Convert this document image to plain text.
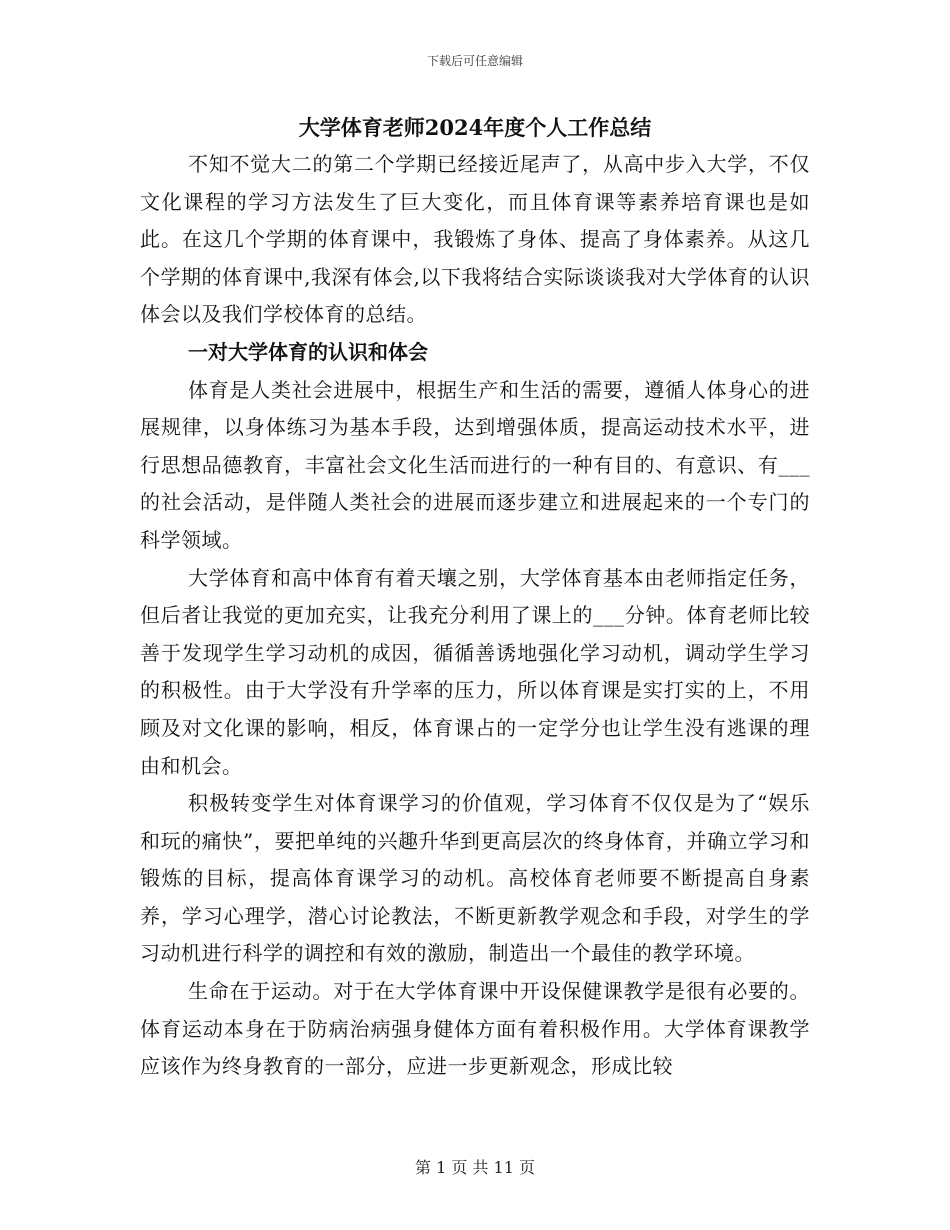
下载后可任意编辑
大学体育老师2024年度个人工作总结

不知不觉大二的第二个学期已经接近尾声了，从高中步入大学，不仅文化课程的学习方法发生了巨大变化，而且体育课等素养培育课也是如此。在这几个学期的体育课中，我锻炼了身体、提高了身体素养。从这几个学期的体育课中,我深有体会,以下我将结合实际谈谈我对大学体育的认识体会以及我们学校体育的总结。

一对大学体育的认识和体会

体育是人类社会进展中，根据生产和生活的需要，遵循人体身心的进展规律，以身体练习为基本手段，达到增强体质，提高运动技术水平，进行思想品德教育，丰富社会文化生活而进行的一种有目的、有意识、有___的社会活动，是伴随人类社会的进展而逐步建立和进展起来的一个专门的科学领域。

大学体育和高中体育有着天壤之别，大学体育基本由老师指定任务，但后者让我觉的更加充实，让我充分利用了课上的___分钟。体育老师比较善于发现学生学习动机的成因，循循善诱地强化学习动机，调动学生学习的积极性。由于大学没有升学率的压力，所以体育课是实打实的上，不用顾及对文化课的影响，相反，体育课占的一定学分也让学生没有逃课的理由和机会。

积极转变学生对体育课学习的价值观，学习体育不仅仅是为了“娱乐和玩的痛快”，要把单纯的兴趣升华到更高层次的终身体育，并确立学习和锻炼的目标，提高体育课学习的动机。高校体育老师要不断提高自身素养，学习心理学，潜心讨论教法，不断更新教学观念和手段，对学生的学习动机进行科学的调控和有效的激励，制造出一个最佳的教学环境。

生命在于运动。对于在大学体育课中开设保健课教学是很有必要的。体育运动本身在于防病治病强身健体方面有着积极作用。大学体育课教学应该作为终身教育的一部分，应进一步更新观念，形成比较

第 1 页 共 11 页
